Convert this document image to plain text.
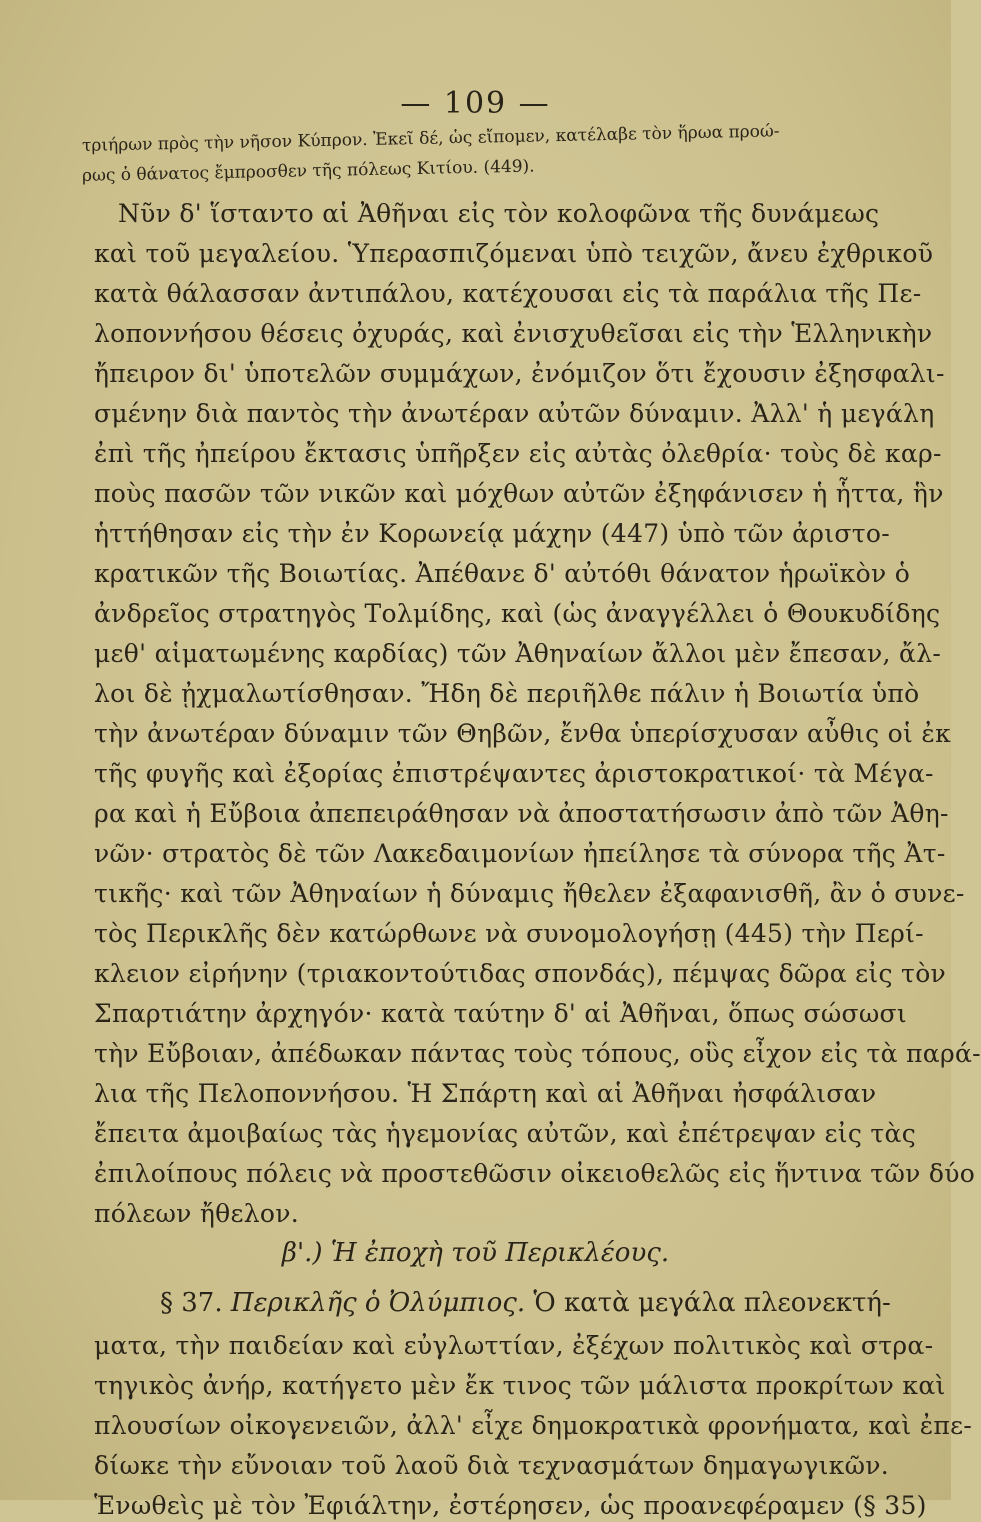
— 109 —
τριήρων πρὸς τὴν νῆσον Κύπρον. Ἐκεῖ δέ, ὡς εἴπομεν, κατέλαβε τὸν ἥρωα προώ-
ρως ὁ θάνατος ἔμπροσθεν τῆς πόλεως Κιτίου. (449).
Νῦν δ' ἵσταντο αἱ Ἀθῆναι εἰς τὸν κολοφῶνα τῆς δυνάμεως
καὶ τοῦ μεγαλείου. Ὑπερασπιζόμεναι ὑπὸ τειχῶν, ἄνευ ἐχθρικοῦ
κατὰ θάλασσαν ἀντιπάλου, κατέχουσαι εἰς τὰ παράλια τῆς Πε-
λοποννήσου θέσεις ὀχυράς, καὶ ἐνισχυθεῖσαι εἰς τὴν Ἑλληνικὴν
ἤπειρον δι' ὑποτελῶν συμμάχων, ἐνόμιζον ὅτι ἔχουσιν ἐξησφαλι-
σμένην διὰ παντὸς τὴν ἀνωτέραν αὐτῶν δύναμιν. Ἀλλ' ἡ μεγάλη
ἐπὶ τῆς ἠπείρου ἔκτασις ὑπῆρξεν εἰς αὐτὰς ὀλεθρία· τοὺς δὲ καρ-
ποὺς πασῶν τῶν νικῶν καὶ μόχθων αὐτῶν ἐξηφάνισεν ἡ ἧττα, ἣν
ἡττήθησαν εἰς τὴν ἐν Κορωνείᾳ μάχην (447) ὑπὸ τῶν ἀριστο-
κρατικῶν τῆς Βοιωτίας. Ἀπέθανε δ' αὐτόθι θάνατον ἡρωϊκὸν ὁ
ἀνδρεῖος στρατηγὸς Τολμίδης, καὶ (ὡς ἀναγγέλλει ὁ Θουκυδίδης
μεθ' αἱματωμένης καρδίας) τῶν Ἀθηναίων ἄλλοι μὲν ἔπεσαν, ἄλ-
λοι δὲ ᾐχμαλωτίσθησαν. Ἤδη δὲ περιῆλθε πάλιν ἡ Βοιωτία ὑπὸ
τὴν ἀνωτέραν δύναμιν τῶν Θηβῶν, ἔνθα ὑπερίσχυσαν αὖθις οἱ ἐκ
τῆς φυγῆς καὶ ἐξορίας ἐπιστρέψαντες ἀριστοκρατικοί· τὰ Μέγα-
ρα καὶ ἡ Εὔβοια ἀπεπειράθησαν νὰ ἀποστατήσωσιν ἀπὸ τῶν Ἀθη-
νῶν· στρατὸς δὲ τῶν Λακεδαιμονίων ἠπείλησε τὰ σύνορα τῆς Ἀτ-
τικῆς· καὶ τῶν Ἀθηναίων ἡ δύναμις ἤθελεν ἐξαφανισθῆ, ἂν ὁ συνε-
τὸς Περικλῆς δὲν κατώρθωνε νὰ συνομολογήσῃ (445) τὴν Περί-
κλειον εἰρήνην (τριακοντούτιδας σπονδάς), πέμψας δῶρα εἰς τὸν
Σπαρτιάτην ἀρχηγόν· κατὰ ταύτην δ' αἱ Ἀθῆναι, ὅπως σώσωσι
τὴν Εὔβοιαν, ἀπέδωκαν πάντας τοὺς τόπους, οὓς εἶχον εἰς τὰ παρά-
λια τῆς Πελοποννήσου. Ἡ Σπάρτη καὶ αἱ Ἀθῆναι ἠσφάλισαν
ἔπειτα ἀμοιβαίως τὰς ἡγεμονίας αὐτῶν, καὶ ἐπέτρεψαν εἰς τὰς
ἐπιλοίπους πόλεις νὰ προστεθῶσιν οἰκειοθελῶς εἰς ἥντινα τῶν δύο
πόλεων ἤθελον.
β'.) Ἡ ἐποχὴ τοῦ Περικλέους.
§ 37. Περικλῆς ὁ Ὀλύμπιος. Ὁ κατὰ μεγάλα πλεονεκτή-
ματα, τὴν παιδείαν καὶ εὐγλωττίαν, ἐξέχων πολιτικὸς καὶ στρα-
τηγικὸς ἀνήρ, κατήγετο μὲν ἔκ τινος τῶν μάλιστα προκρίτων καὶ
πλουσίων οἰκογενειῶν, ἀλλ' εἶχε δημοκρατικὰ φρονήματα, καὶ ἐπε-
δίωκε τὴν εὔνοιαν τοῦ λαοῦ διὰ τεχνασμάτων δημαγωγικῶν.
Ἑνωθεὶς μὲ τὸν Ἐφιάλτην, ἐστέρησεν, ὡς προανεφέραμεν (§ 35)
